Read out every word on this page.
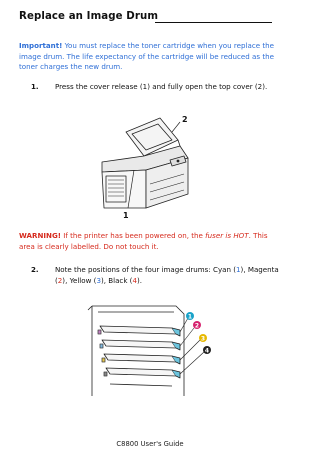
Replace an Image Drum
Important! You must replace the toner cartridge when you replace the image drum. The life expectancy of the cartridge will be reduced as the toner charges the new drum.
1. Press the cover release (1) and fully open the top cover (2).
2
1
WARNING! If the printer has been powered on, the fuser is HOT. This area is clearly labelled. Do not touch it.
2. Note the positions of the four image drums: Cyan (1), Magenta (2), Yellow (3), Black (4).
1
2
3
4
C8800 User's Guide
